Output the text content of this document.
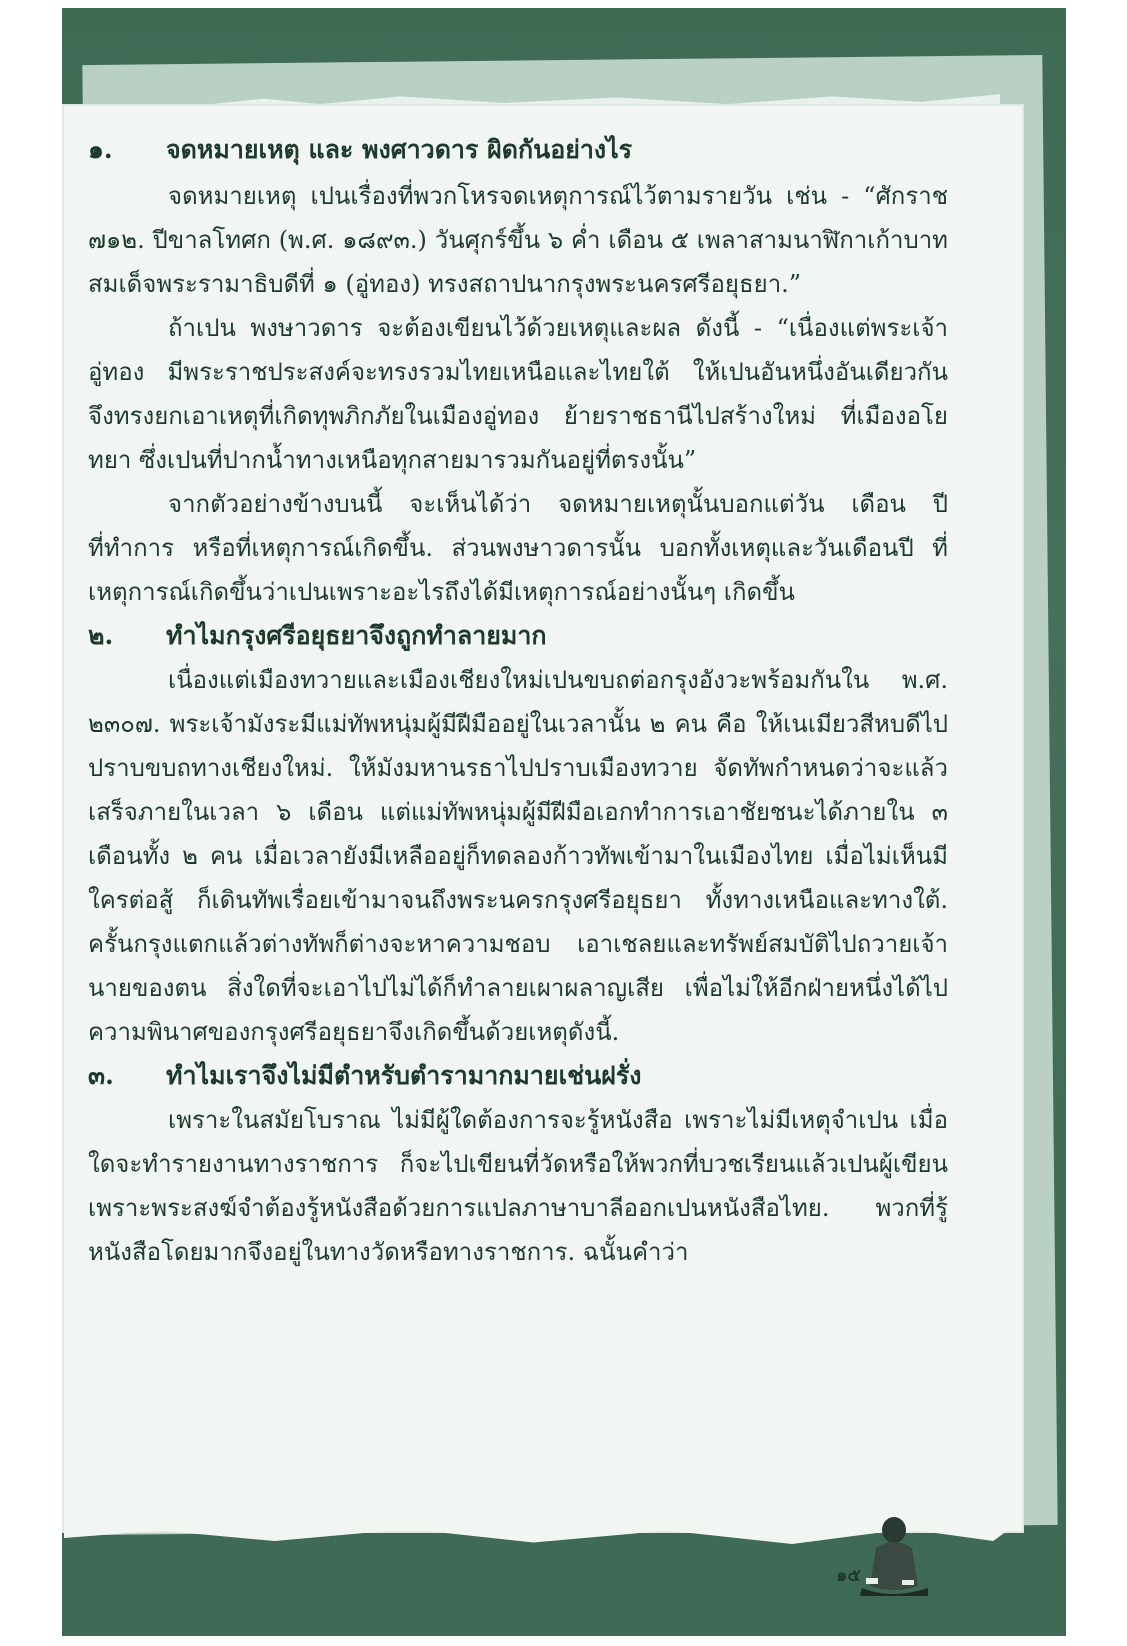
๑.	จดหมายเหตุ และ พงศาวดาร ผิดกันอย่างไร

จดหมายเหตุ เปนเรื่องที่พวกโหรจดเหตุการณ์ไว้ตามรายวัน เช่น - “ศักราช ๗๑๒. ปีขาลโทศก (พ.ศ. ๑๘๙๓.) วันศุกร์ขึ้น ๖ ค่ำ เดือน ๕ เพลาสามนาฬิกาเก้าบาท สมเด็จพระรามาธิบดีที่ ๑ (อู่ทอง) ทรงสถาปนากรุงพระนครศรีอยุธยา.”

ถ้าเปน พงษาวดาร จะต้องเขียนไว้ด้วยเหตุและผล ดังนี้ - “เนื่องแต่พระเจ้าอู่ทอง มีพระราชประสงค์จะทรงรวมไทยเหนือและไทยใต้ ให้เปนอันหนึ่งอันเดียวกัน จึงทรงยกเอาเหตุที่เกิดทุพภิกภัยในเมืองอู่ทอง ย้ายราชธานีไปสร้างใหม่ ที่เมืองอโยทยา ซึ่งเปนที่ปากน้ำทางเหนือทุกสายมารวมกันอยู่ที่ตรงนั้น”

จากตัวอย่างข้างบนนี้ จะเห็นได้ว่า จดหมายเหตุนั้นบอกแต่วัน เดือน ปี ที่ทำการ หรือที่เหตุการณ์เกิดขึ้น. ส่วนพงษาวดารนั้น บอกทั้งเหตุและวันเดือนปี ที่เหตุการณ์เกิดขึ้นว่าเปนเพราะอะไรถึงได้มีเหตุการณ์อย่างนั้นๆ เกิดขึ้น

๒.	ทำไมกรุงศรีอยุธยาจึงถูกทำลายมาก

เนื่องแต่เมืองทวายและเมืองเชียงใหม่เปนขบถต่อกรุงอังวะพร้อมกันใน พ.ศ. ๒๓๐๗. พระเจ้ามังระมีแม่ทัพหนุ่มผู้มีฝีมืออยู่ในเวลานั้น ๒ คน คือ ให้เนเมียวสีหบดีไปปราบขบถทางเชียงใหม่. ให้มังมหานรธาไปปราบเมืองทวาย จัดทัพกำหนดว่าจะแล้วเสร็จภายในเวลา ๖ เดือน แต่แม่ทัพหนุ่มผู้มีฝีมือเอกทำการเอาชัยชนะได้ภายใน ๓ เดือนทั้ง ๒ คน เมื่อเวลายังมีเหลืออยู่ก็ทดลองก้าวทัพเข้ามาในเมืองไทย เมื่อไม่เห็นมีใครต่อสู้ ก็เดินทัพเรื่อยเข้ามาจนถึงพระนครกรุงศรีอยุธยา ทั้งทางเหนือและทางใต้. ครั้นกรุงแตกแล้วต่างทัพก็ต่างจะหาความชอบ เอาเชลยและทรัพย์สมบัติไปถวายเจ้านายของตน สิ่งใดที่จะเอาไปไม่ได้ก็ทำลายเผาผลาญเสีย เพื่อไม่ให้อีกฝ่ายหนึ่งได้ไป ความพินาศของกรุงศรีอยุธยาจึงเกิดขึ้นด้วยเหตุดังนี้.

๓.	ทำไมเราจึงไม่มีตำหรับตำรามากมายเช่นฝรั่ง

เพราะในสมัยโบราณ ไม่มีผู้ใดต้องการจะรู้หนังสือ เพราะไม่มีเหตุจำเปน เมื่อใดจะทำรายงานทางราชการ ก็จะไปเขียนที่วัดหรือให้พวกที่บวชเรียนแล้วเปนผู้เขียน เพราะพระสงฆ์จำต้องรู้หนังสือด้วยการแปลภาษาบาลีออกเปนหนังสือไทย. พวกที่รู้หนังสือโดยมากจึงอยู่ในทางวัดหรือทางราชการ. ฉนั้นคำว่า

๑๕
